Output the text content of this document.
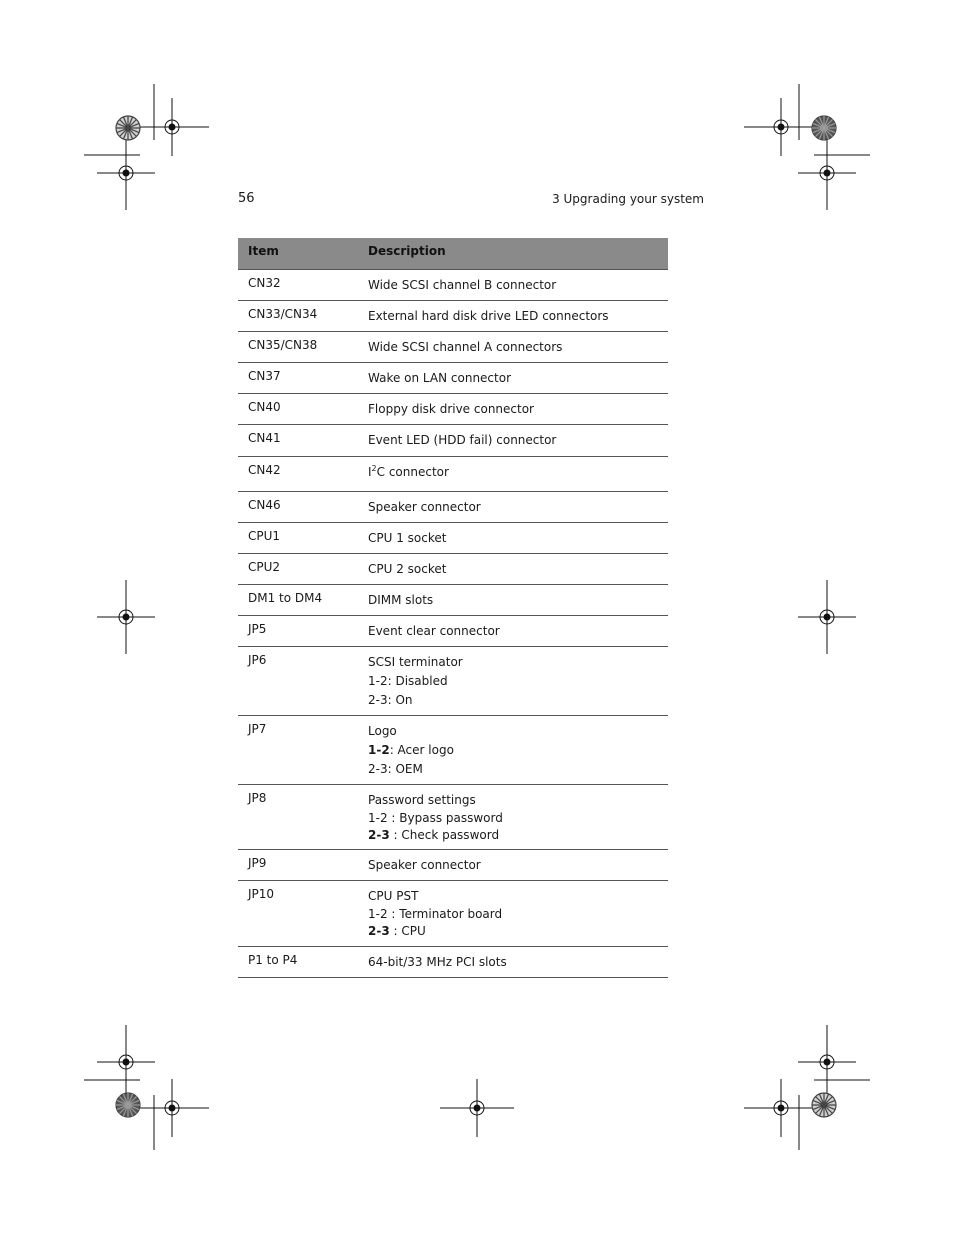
56	3 Upgrading your system
Item	Description
CN32	Wide SCSI channel B connector
CN33/CN34	External hard disk drive LED connectors
CN35/CN38	Wide SCSI channel A connectors
CN37	Wake on LAN connector
CN40	Floppy disk drive connector
CN41	Event LED (HDD fail) connector
CN42	$I^2C$ connector
CN46	Speaker connector
CPU1	CPU 1 socket
CPU2	CPU 2 socket
DM1 to DM4	DIMM slots
JP5	Event clear connector
JP6	SCSI terminator
1-2: Disabled
2-3: On
JP7	Logo
1-2: Acer logo
2-3: OEM
JP8	Password settings
1-2 : Bypass password
2-3 : Check password
JP9	Speaker connector
JP10	CPU PST
1-2 : Terminator board
2-3 : CPU
P1 to P4	64-bit/33 MHz PCI slots
